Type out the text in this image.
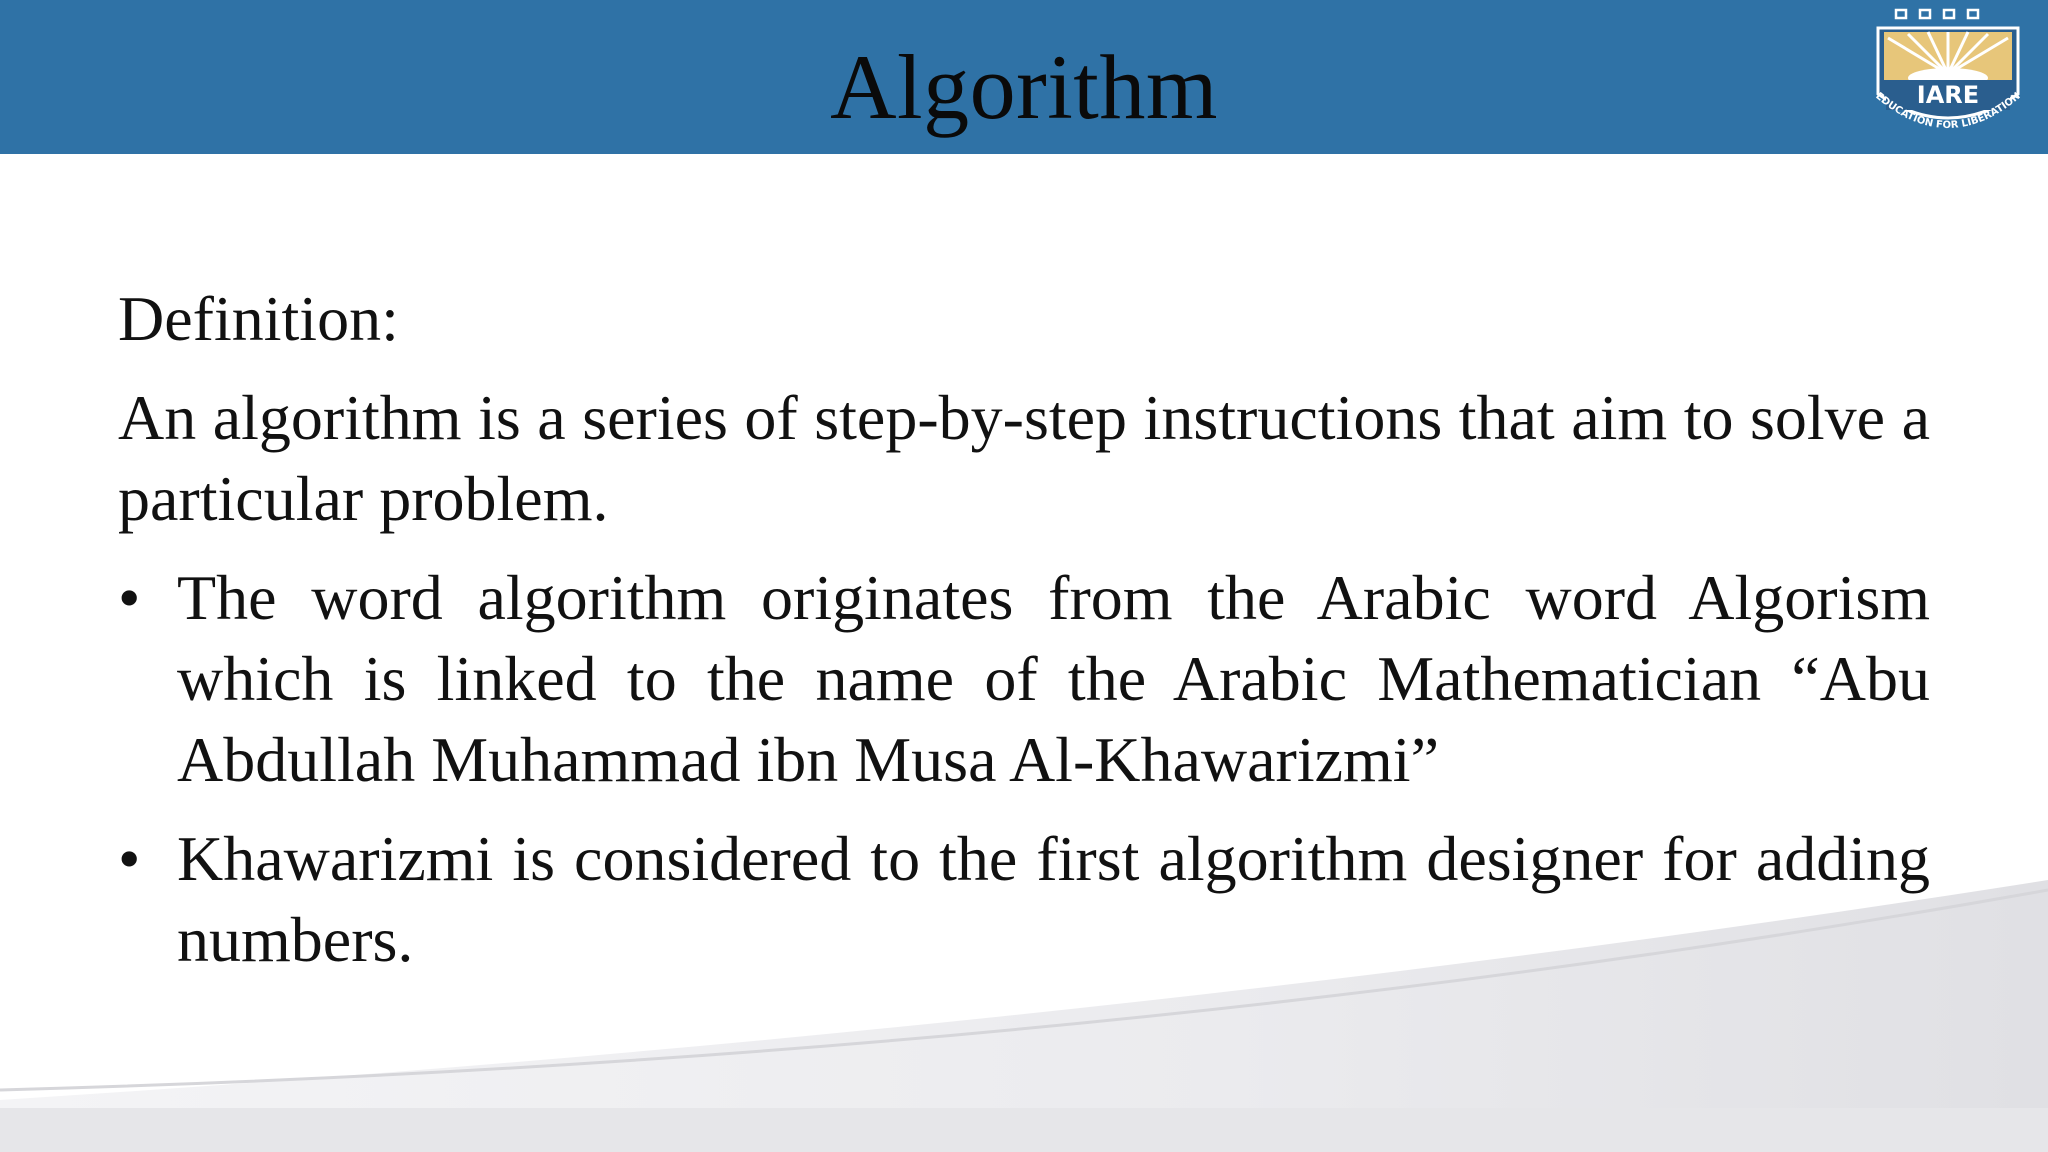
Algorithm	IARE
EDUCATION FOR LIBERATION
Definition:
An algorithm is a series of step-by-step instructions that aim to solve a particular problem.
• The word algorithm originates from the Arabic word Algorism which is linked to the name of the Arabic Mathematician “Abu Abdullah Muhammad ibn Musa Al-Khawarizmi”
• Khawarizmi is considered to the first algorithm designer for adding numbers.
